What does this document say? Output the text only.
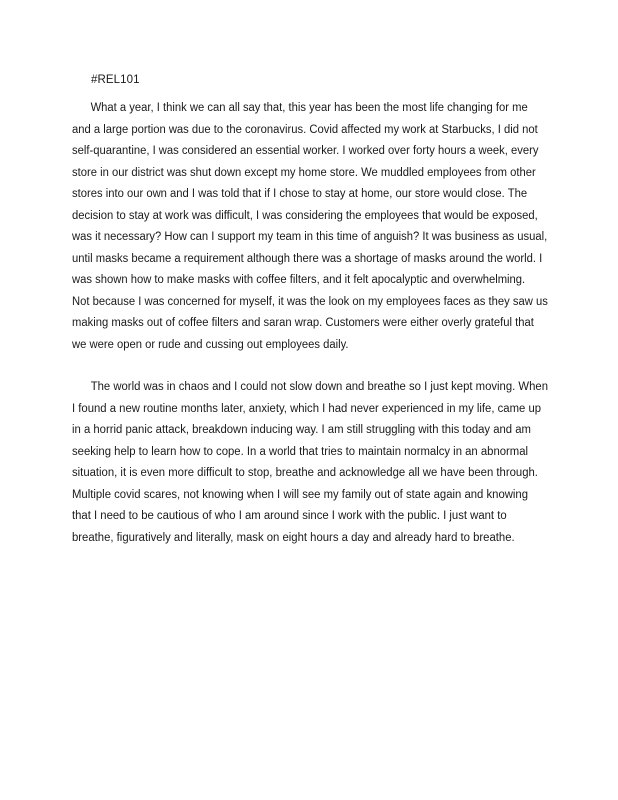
#REL101
What a year, I think we can all say that, this year has been the most life changing for me
and a large portion was due to the coronavirus. Covid affected my work at Starbucks, I did not
self-quarantine, I was considered an essential worker. I worked over forty hours a week, every
store in our district was shut down except my home store. We muddled employees from other
stores into our own and I was told that if I chose to stay at home, our store would close. The
decision to stay at work was difficult, I was considering the employees that would be exposed,
was it necessary? How can I support my team in this time of anguish? It was business as usual,
until masks became a requirement although there was a shortage of masks around the world. I
was shown how to make masks with coffee filters, and it felt apocalyptic and overwhelming.
Not because I was concerned for myself, it was the look on my employees faces as they saw us
making masks out of coffee filters and saran wrap. Customers were either overly grateful that
we were open or rude and cussing out employees daily.
The world was in chaos and I could not slow down and breathe so I just kept moving. When
I found a new routine months later, anxiety, which I had never experienced in my life, came up
in a horrid panic attack, breakdown inducing way. I am still struggling with this today and am
seeking help to learn how to cope. In a world that tries to maintain normalcy in an abnormal
situation, it is even more difficult to stop, breathe and acknowledge all we have been through.
Multiple covid scares, not knowing when I will see my family out of state again and knowing
that I need to be cautious of who I am around since I work with the public. I just want to
breathe, figuratively and literally, mask on eight hours a day and already hard to breathe.
